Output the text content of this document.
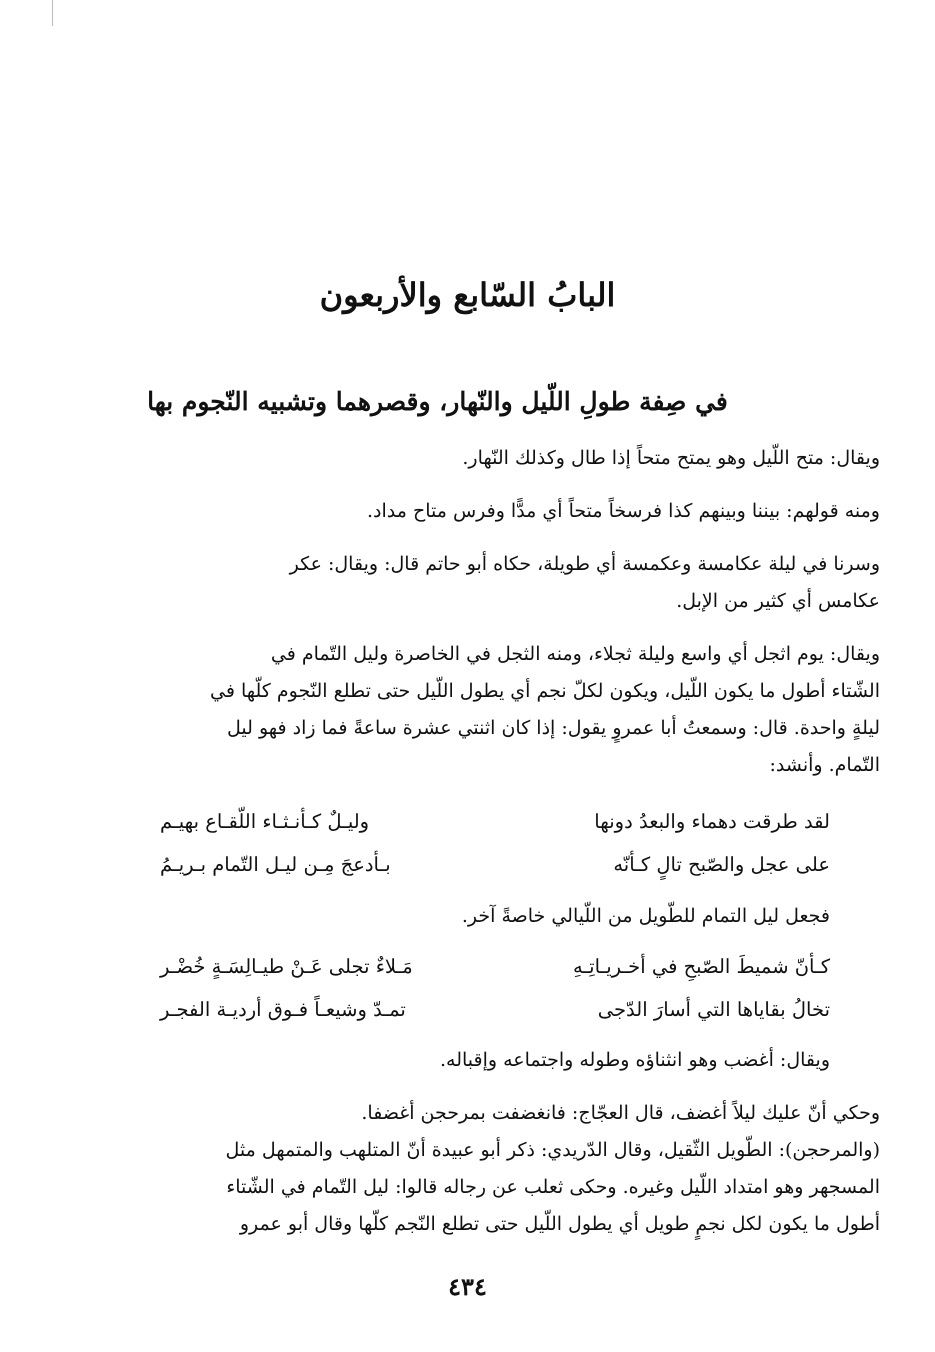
البابُ السّابع والأربعون
في صِفة طولِ اللّيل والنّهار، وقصرهما وتشبيه النّجوم بها
ويقال: متح اللّيل وهو يمتح متحاً إذا طال وكذلك النّهار.
ومنه قولهم: بيننا وبينهم كذا فرسخاً متحاً أي مدًّا وفرس متاح مداد.
وسرنا في ليلة عكامسة وعكمسة أي طويلة، حكاه أبو حاتم قال: ويقال: عكر
عكامس أي كثير من الإبل.
ويقال: يوم اثجل أي واسع وليلة ثجلاء، ومنه الثجل في الخاصرة وليل التّمام في
الشّتاء أطول ما يكون اللّيل، ويكون لكلّ نجم أي يطول اللّيل حتى تطلع النّجوم كلّها في
ليلةٍ واحدة. قال: وسمعتُ أبا عمروٍ يقول: إذا كان اثنتي عشرة ساعةً فما زاد فهو ليل
التّمام. وأنشد:
لقد طرقت دهماء والبعدُ دونها
وليـلٌ كـأنـثـاء اللّقـاع بهيـم
على عجل والصّبح تالٍ كـأنّه
بـأدعجَ مِـن ليـل التّمام بـريـمُ
فجعل ليل التمام للطّويل من اللّيالي خاصةً آخر.
كـأنّ شميطَ الصّبحِ في أخـريـاتِـهِ
مَـلاءٌ تجلى عَـنْ طيـالِسَـةٍ خُضْـر
تخالُ بقاياها التي أسارَ الدّجى
تمـدّ وشيعـاً فـوق أرديـة الفجـر
ويقال: أغضب وهو انثناؤه وطوله واجتماعه وإقباله.
وحكي أنّ عليك ليلاً أغضف، قال العجّاج: فانغضفت بمرحجن أغضفا.
(والمرحجن): الطّويل الثّقيل، وقال الدّريدي: ذكر أبو عبيدة أنّ المتلهب والمتمهل مثل
المسجهر وهو امتداد اللّيل وغيره. وحكى ثعلب عن رجاله قالوا: ليل التّمام في الشّتاء
أطول ما يكون لكل نجمٍ طويل أي يطول اللّيل حتى تطلع النّجم كلّها وقال أبو عمرو
٤٣٤
